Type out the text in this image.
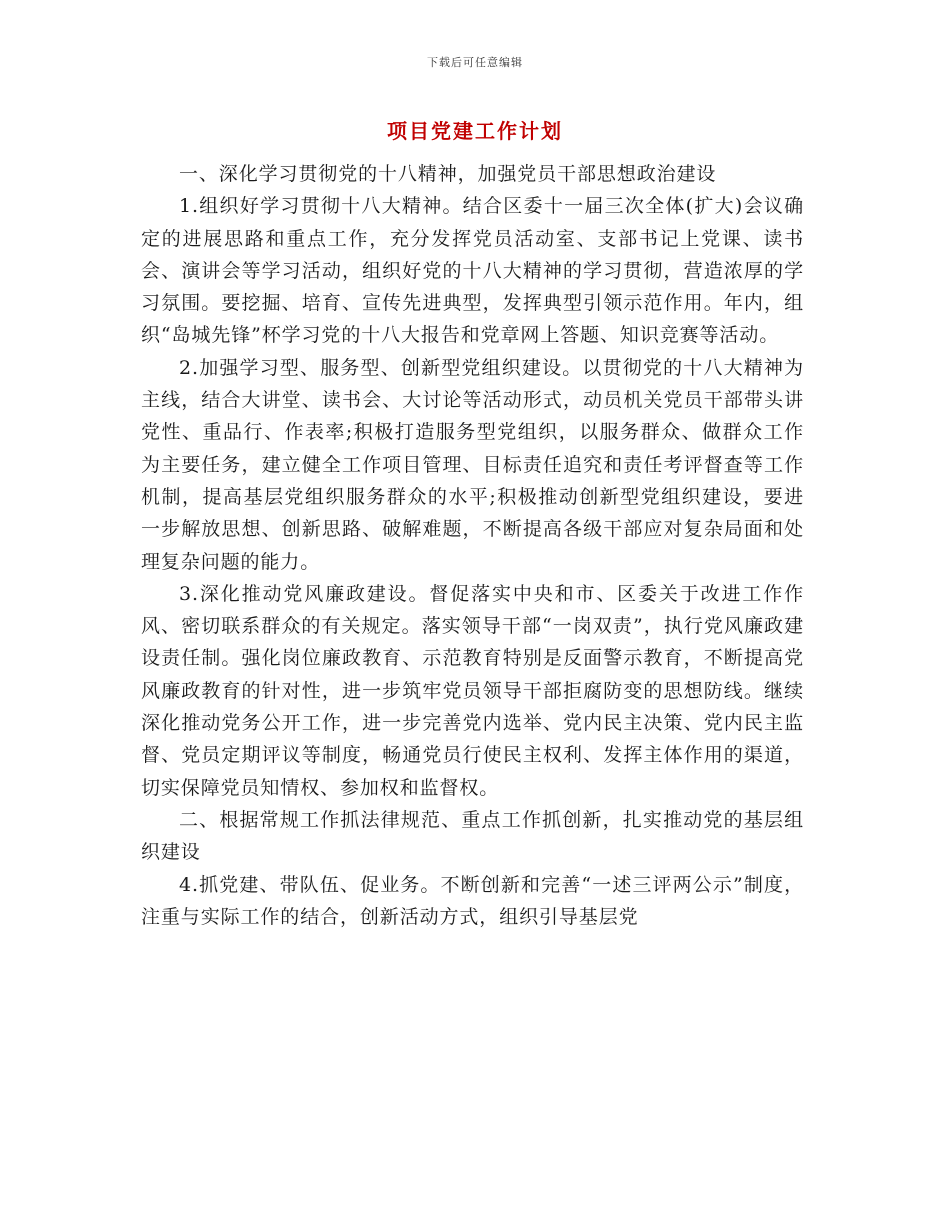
下载后可任意编辑
项目党建工作计划

一、深化学习贯彻党的十八精神，加强党员干部思想政治建设

1.组织好学习贯彻十八大精神。结合区委十一届三次全体(扩大)会议确定的进展思路和重点工作，充分发挥党员活动室、支部书记上党课、读书会、演讲会等学习活动，组织好党的十八大精神的学习贯彻，营造浓厚的学习氛围。要挖掘、培育、宣传先进典型，发挥典型引领示范作用。年内，组织“岛城先锋”杯学习党的十八大报告和党章网上答题、知识竞赛等活动。

2.加强学习型、服务型、创新型党组织建设。以贯彻党的十八大精神为主线，结合大讲堂、读书会、大讨论等活动形式，动员机关党员干部带头讲党性、重品行、作表率;积极打造服务型党组织，以服务群众、做群众工作为主要任务，建立健全工作项目管理、目标责任追究和责任考评督查等工作机制，提高基层党组织服务群众的水平;积极推动创新型党组织建设，要进一步解放思想、创新思路、破解难题，不断提高各级干部应对复杂局面和处理复杂问题的能力。

3.深化推动党风廉政建设。督促落实中央和市、区委关于改进工作作风、密切联系群众的有关规定。落实领导干部“一岗双责”，执行党风廉政建设责任制。强化岗位廉政教育、示范教育特别是反面警示教育，不断提高党风廉政教育的针对性，进一步筑牢党员领导干部拒腐防变的思想防线。继续深化推动党务公开工作，进一步完善党内选举、党内民主决策、党内民主监督、党员定期评议等制度，畅通党员行使民主权利、发挥主体作用的渠道，切实保障党员知情权、参加权和监督权。

二、根据常规工作抓法律规范、重点工作抓创新，扎实推动党的基层组织建设

4.抓党建、带队伍、促业务。不断创新和完善“一述三评两公示”制度，注重与实际工作的结合，创新活动方式，组织引导基层党
